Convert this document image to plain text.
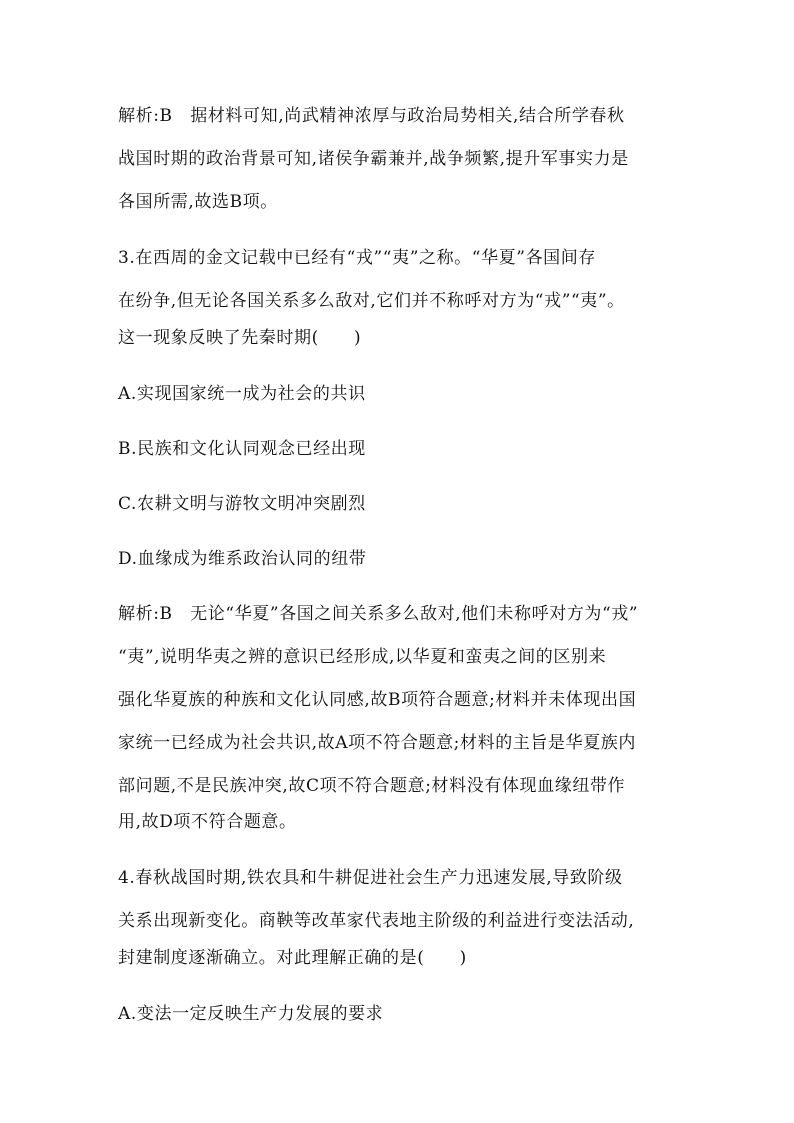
解析:B　据材料可知,尚武精神浓厚与政治局势相关,结合所学春秋
战国时期的政治背景可知,诸侯争霸兼并,战争频繁,提升军事实力是
各国所需,故选B项。
3.在西周的金文记载中已经有“戎”“夷”之称。“华夏”各国间存
在纷争,但无论各国关系多么敌对,它们并不称呼对方为“戎”“夷”。
这一现象反映了先秦时期(　　)
A.实现国家统一成为社会的共识
B.民族和文化认同观念已经出现
C.农耕文明与游牧文明冲突剧烈
D.血缘成为维系政治认同的纽带
解析:B　无论“华夏”各国之间关系多么敌对,他们未称呼对方为“戎”
“夷”,说明华夷之辨的意识已经形成,以华夏和蛮夷之间的区别来
强化华夏族的种族和文化认同感,故B项符合题意;材料并未体现出国
家统一已经成为社会共识,故A项不符合题意;材料的主旨是华夏族内
部问题,不是民族冲突,故C项不符合题意;材料没有体现血缘纽带作
用,故D项不符合题意。
4.春秋战国时期,铁农具和牛耕促进社会生产力迅速发展,导致阶级
关系出现新变化。商鞅等改革家代表地主阶级的利益进行变法活动,
封建制度逐渐确立。对此理解正确的是(　　)
A.变法一定反映生产力发展的要求
